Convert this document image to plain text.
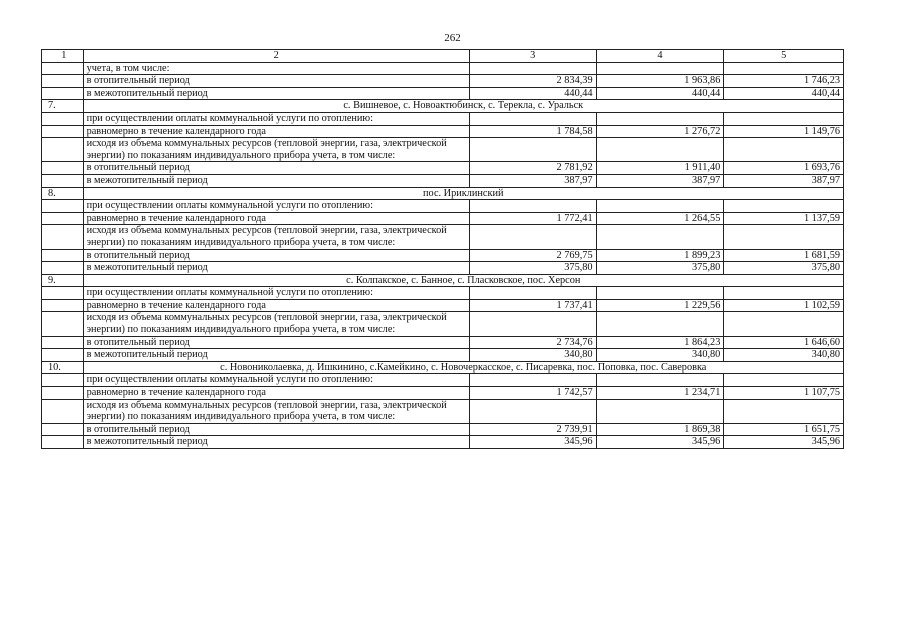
262
1	2	3	4	5
	учета, в том числе:			
	в отопительный период	2 834,39	1 963,86	1 746,23
	в межотопительный период	440,44	440,44	440,44
7.	с. Вишневое, с. Новоактюбинск, с. Терекла, с. Уральск			
	при осуществлении оплаты коммунальной услуги по отоплению:			
	равномерно в течение календарного года	1 784,58	1 276,72	1 149,76
	исходя из объема коммунальных ресурсов (тепловой энергии, газа, электрической энергии) по показаниям индивидуального прибора учета, в том числе:			
	в отопительный период	2 781,92	1 911,40	1 693,76
	в межотопительный период	387,97	387,97	387,97
8.	пос. Ириклинский			
	при осуществлении оплаты коммунальной услуги по отоплению:			
	равномерно в течение календарного года	1 772,41	1 264,55	1 137,59
	исходя из объема коммунальных ресурсов (тепловой энергии, газа, электрической энергии) по показаниям индивидуального прибора учета, в том числе:			
	в отопительный период	2 769,75	1 899,23	1 681,59
	в межотопительный период	375,80	375,80	375,80
9.	с. Колпакское, с. Банное, с. Пласковское, пос. Херсон			
	при осуществлении оплаты коммунальной услуги по отоплению:			
	равномерно в течение календарного года	1 737,41	1 229,56	1 102,59
	исходя из объема коммунальных ресурсов (тепловой энергии, газа, электрической энергии) по показаниям индивидуального прибора учета, в том числе:			
	в отопительный период	2 734,76	1 864,23	1 646,60
	в межотопительный период	340,80	340,80	340,80
10.	с. Новониколаевка, д. Ишкинино, с.Камейкино, с. Новочеркасское, с. Писаревка, пос. Поповка, пос. Саверовка			
	при осуществлении оплаты коммунальной услуги по отоплению:			
	равномерно в течение календарного года	1 742,57	1 234,71	1 107,75
	исходя из объема коммунальных ресурсов (тепловой энергии, газа, электрической энергии) по показаниям индивидуального прибора учета, в том числе:			
	в отопительный период	2 739,91	1 869,38	1 651,75
	в межотопительный период	345,96	345,96	345,96
